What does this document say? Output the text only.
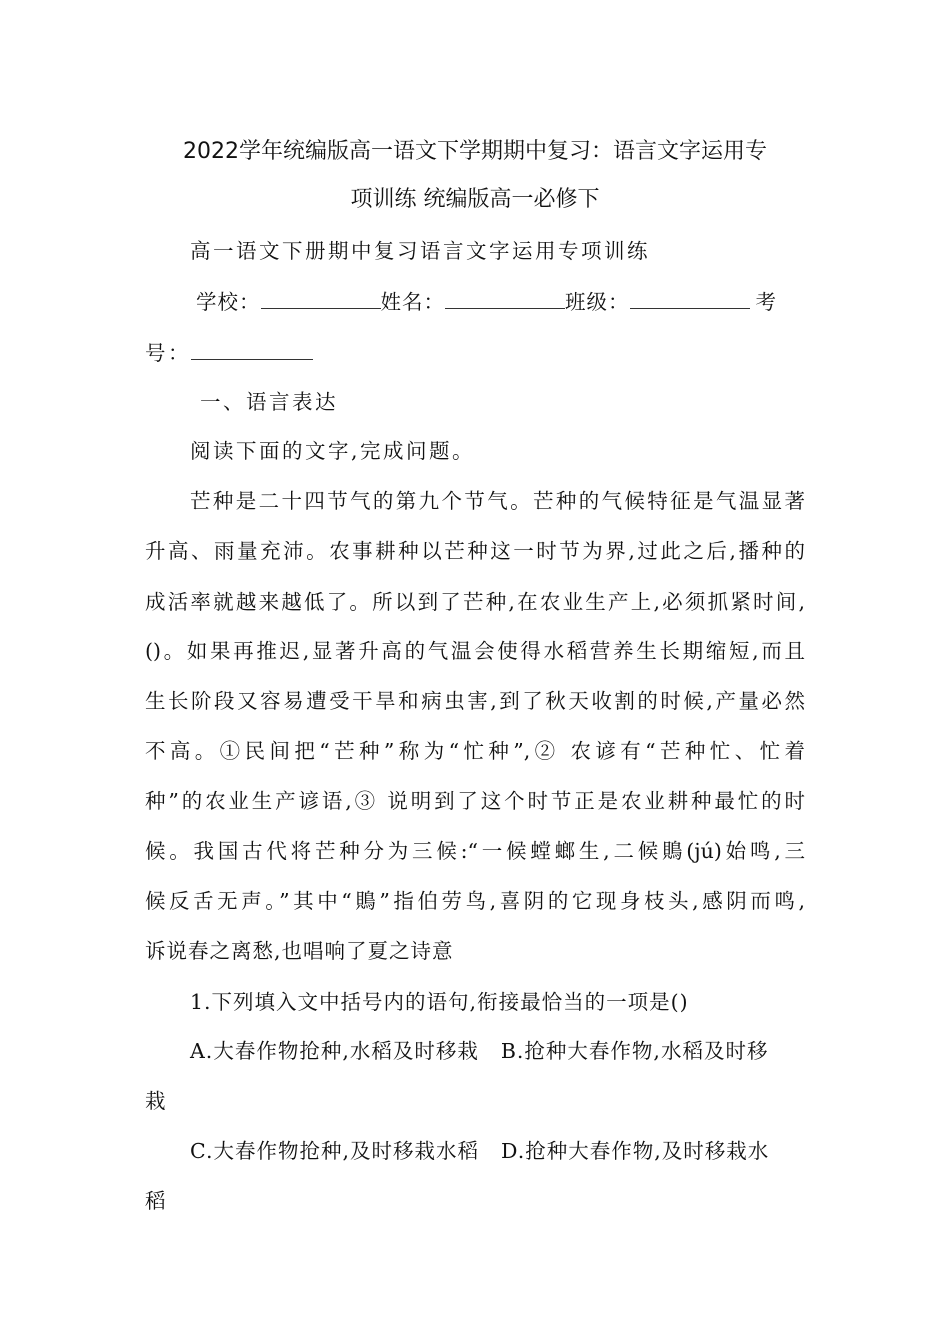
2022学年统编版高一语文下学期期中复习：语言文字运用专
项训练 统编版高一必修下
高一语文下册期中复习语言文字运用专项训练
学校：	姓名：	班级：	考
号：
一、语言表达
阅读下面的文字,完成问题。
芒种是二十四节气的第九个节气。芒种的气候特征是气温显著
升高、雨量充沛。农事耕种以芒种这一时节为界,过此之后,播种的
成活率就越来越低了。所以到了芒种,在农业生产上,必须抓紧时间,
()。如果再推迟,显著升高的气温会使得水稻营养生长期缩短,而且
生长阶段又容易遭受干旱和病虫害,到了秋天收割的时候,产量必然
不高。①民间把“芒种”称为“忙种”,② 农谚有“芒种忙、忙着
种”的农业生产谚语,③ 说明到了这个时节正是农业耕种最忙的时
候。我国古代将芒种分为三候:“一候螳螂生,二候鵙(jú)始鸣,三
候反舌无声。”其中“鵙”指伯劳鸟,喜阴的它现身枝头,感阴而鸣,
诉说春之离愁,也唱响了夏之诗意
1.下列填入文中括号内的语句,衔接最恰当的一项是()
A.大春作物抢种,水稻及时移栽 B.抢种大春作物,水稻及时移
栽
C.大春作物抢种,及时移栽水稻 D.抢种大春作物,及时移栽水
稻
